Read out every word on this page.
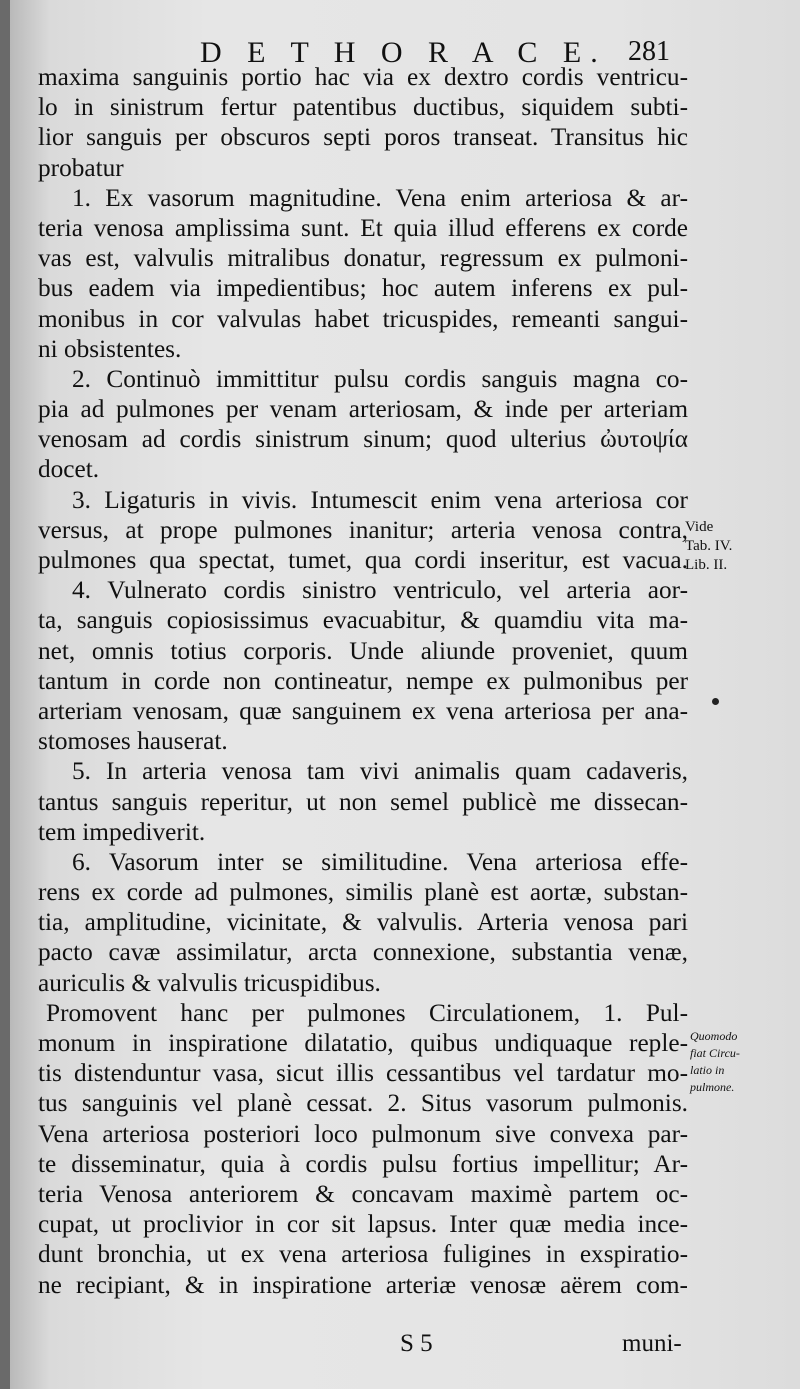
D E T H O R A C E. 281
maxima sanguinis portio hac via ex dextro cordis ventricu-
lo in sinistrum fertur patentibus ductibus, siquidem subti-
lior sanguis per obscuros septi poros transeat. Transitus hic
probatur
1. Ex vasorum magnitudine. Vena enim arteriosa & ar-
teria venosa amplissima sunt. Et quia illud efferens ex corde
vas est, valvulis mitralibus donatur, regressum ex pulmoni-
bus eadem via impedientibus; hoc autem inferens ex pul-
monibus in cor valvulas habet tricuspides, remeanti sangui-
ni obsistentes.
2. Continuò immittitur pulsu cordis sanguis magna co-
pia ad pulmones per venam arteriosam, & inde per arteriam
venosam ad cordis sinistrum sinum; quod ulterius ὠυτοψία
docet.
3. Ligaturis in vivis. Intumescit enim vena arteriosa cor
versus, at prope pulmones inanitur; arteria venosa contra,
pulmones qua spectat, tumet, qua cordi inseritur, est vacua.
4. Vulnerato cordis sinistro ventriculo, vel arteria aor-
ta, sanguis copiosissimus evacuabitur, & quamdiu vita ma-
net, omnis totius corporis. Unde aliunde proveniet, quum
tantum in corde non contineatur, nempe ex pulmonibus per
arteriam venosam, quæ sanguinem ex vena arteriosa per ana-
stomoses hauserat.
5. In arteria venosa tam vivi animalis quam cadaveris,
tantus sanguis reperitur, ut non semel publicè me dissecan-
tem impediverit.
6. Vasorum inter se similitudine. Vena arteriosa effe-
rens ex corde ad pulmones, similis planè est aortæ, substan-
tia, amplitudine, vicinitate, & valvulis. Arteria venosa pari
pacto cavæ assimilatur, arcta connexione, substantia venæ,
auriculis & valvulis tricuspidibus.
Promovent hanc per pulmones Circulationem, 1. Pul-
monum in inspiratione dilatatio, quibus undiquaque reple-
tis distenduntur vasa, sicut illis cessantibus vel tardatur mo-
tus sanguinis vel planè cessat. 2. Situs vasorum pulmonis.
Vena arteriosa posteriori loco pulmonum sive convexa par-
te disseminatur, quia à cordis pulsu fortius impellitur; Ar-
teria Venosa anteriorem & concavam maximè partem oc-
cupat, ut proclivior in cor sit lapsus. Inter quæ media ince-
dunt bronchia, ut ex vena arteriosa fuligines in exspiratio-
ne recipiant, & in inspiratione arteriæ venosæ aërem com-
Vide
Tab. IV.
Lib. II.
Quomodo
fiat Circu-
latio in
pulmone.
S 5	muni-
